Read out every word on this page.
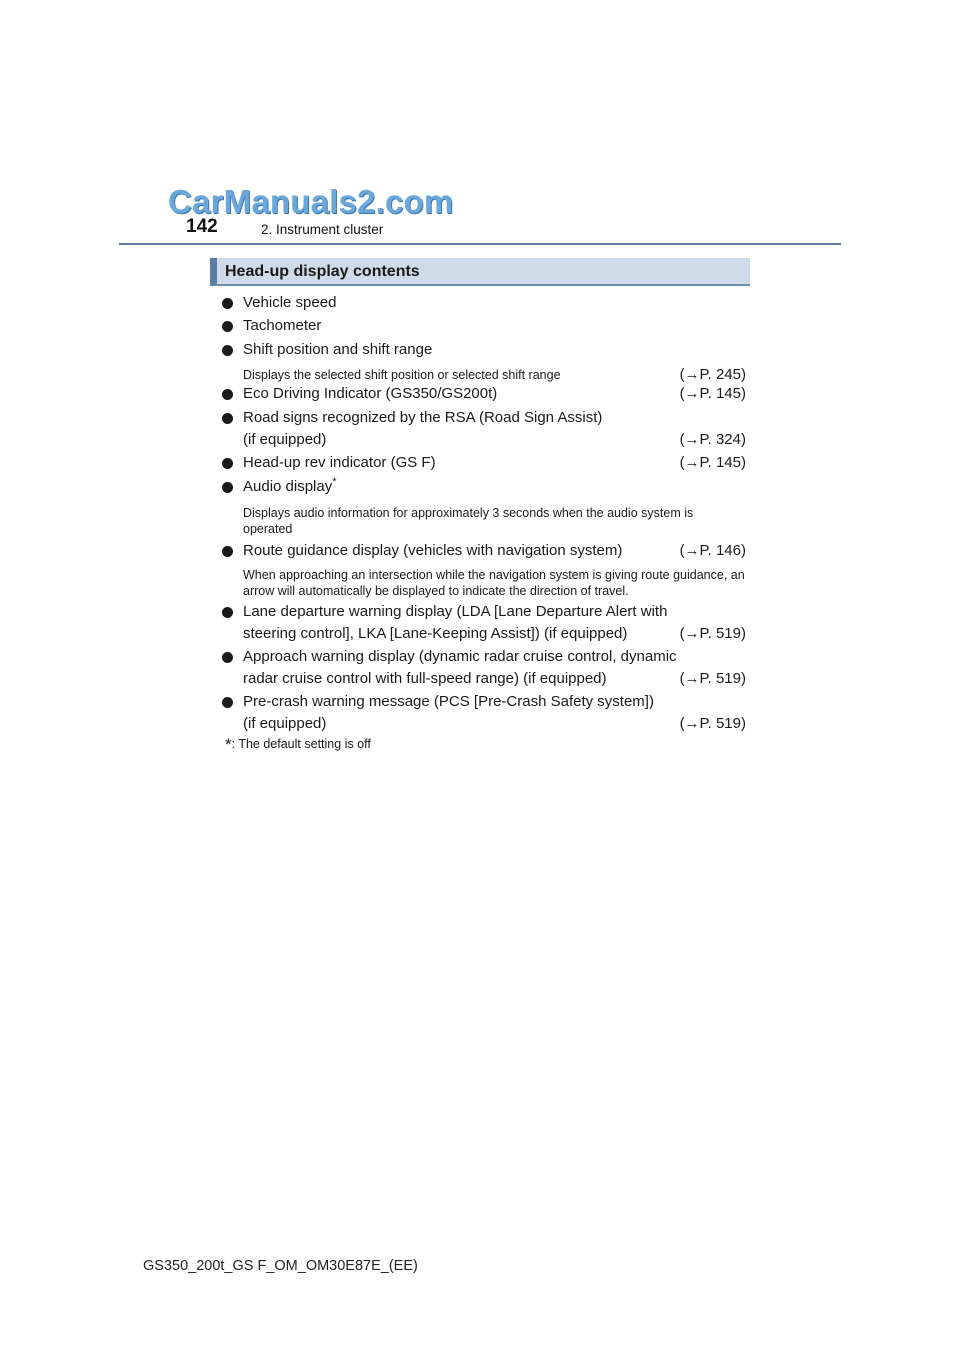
CarManuals2.com
142	2. Instrument cluster
Head-up display contents
Vehicle speed
Tachometer
Shift position and shift range
Displays the selected shift position or selected shift range	(→P. 245)
Eco Driving Indicator (GS350/GS200t)	(→P. 145)
Road signs recognized by the RSA (Road Sign Assist)
(if equipped)	(→P. 324)
Head-up rev indicator (GS F)	(→P. 145)
Audio display*
Displays audio information for approximately 3 seconds when the audio system is operated
Route guidance display (vehicles with navigation system)	(→P. 146)
When approaching an intersection while the navigation system is giving route guidance, an arrow will automatically be displayed to indicate the direction of travel.
Lane departure warning display (LDA [Lane Departure Alert with
steering control], LKA [Lane-Keeping Assist]) (if equipped)	(→P. 519)
Approach warning display (dynamic radar cruise control, dynamic
radar cruise control with full-speed range) (if equipped)	(→P. 519)
Pre-crash warning message (PCS [Pre-Crash Safety system])
(if equipped)	(→P. 519)
*: The default setting is off
GS350_200t_GS F_OM_OM30E87E_(EE)
